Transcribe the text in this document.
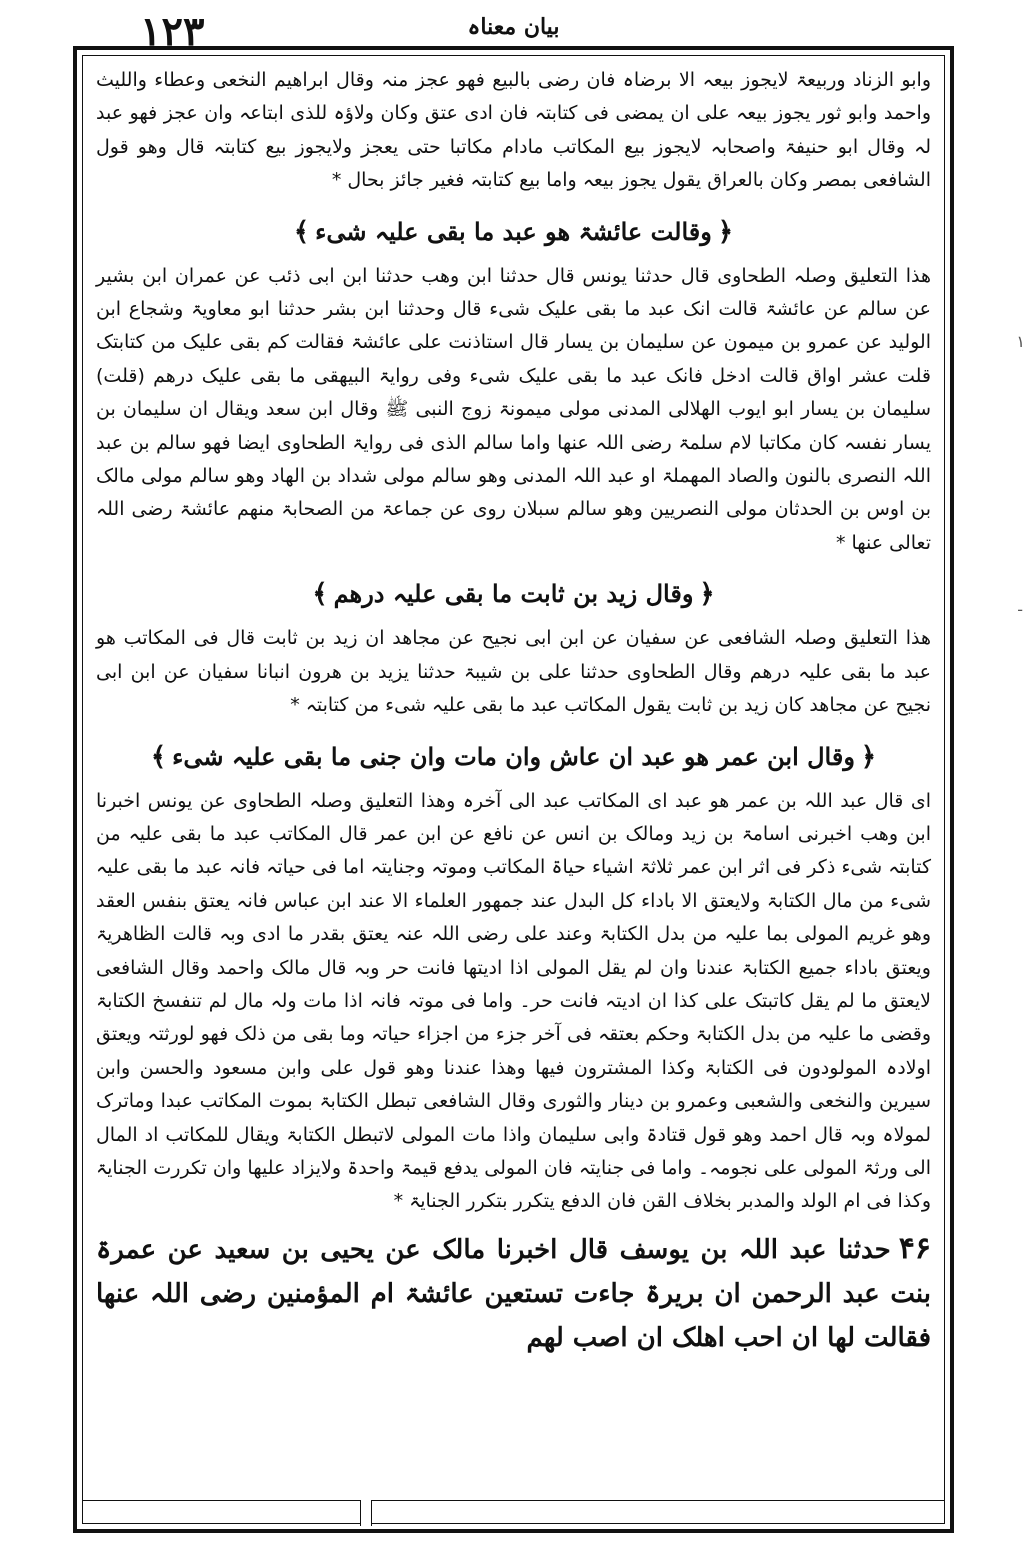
۱۲۳	بیان معناہ

وابو الزناد وربیعۃ لایجوز بیعہ الا برضاہ فان رضی بالبیع فھو عجز منہ وقال ابراھیم النخعی وعطاء واللیث واحمد وابو ثور یجوز بیعہ علی ان یمضی فی کتابتہ فان ادی عتق وکان ولاؤہ للذی ابتاعہ وان عجز فھو عبد لہ وقال ابو حنیفۃ واصحابہ لایجوز بیع المکاتب مادام مکاتبا حتی یعجز ولایجوز بیع کتابتہ قال وھو قول الشافعی بمصر وکان بالعراق یقول یجوز بیعہ واما بیع کتابتہ فغیر جائز بحال*

﴿وقالت عائشۃ ھو عبد ما بقی علیہ شیء﴾

ھذا التعلیق وصلہ الطحاوی قال حدثنا یونس قال حدثنا ابن وھب حدثنا ابن ابی ذئب عن عمران ابن بشیر عن سالم عن عائشۃ قالت انک عبد ما بقی علیک شیء قال وحدثنا ابن بشر حدثنا ابو معاویۃ وشجاع ابن الولید عن عمرو بن میمون عن سلیمان بن یسار قال استاذنت علی عائشۃ فقالت کم بقی علیک من کتابتک قلت عشر اواق قالت ادخل فانک عبد ما بقی علیک شیء وفی روایۃ البیھقی ما بقی علیک درھم (قلت) سلیمان بن یسار ابو ایوب الھلالی المدنی مولی میمونۃ زوج النبی ﷺ وقال ابن سعد ویقال ان سلیمان بن یسار نفسہ کان مکاتبا لام سلمۃ رضی اللہ عنھا واما سالم الذی فی روایۃ الطحاوی ایضا فھو سالم بن عبد اللہ النصری بالنون والصاد المھملۃ او عبد اللہ المدنی وھو سالم مولی شداد بن الھاد وھو سالم مولی مالک بن اوس بن الحدثان مولی النصریین وھو سالم سبلان روی عن جماعۃ من الصحابۃ منھم عائشۃ رضی اللہ تعالی عنھا*

﴿وقال زید بن ثابت ما بقی علیہ درھم﴾

ھذا التعلیق وصلہ الشافعی عن سفیان عن ابن ابی نجیح عن مجاھد ان زید بن ثابت قال فی المکاتب ھو عبد ما بقی علیہ درھم وقال الطحاوی حدثنا علی بن شیبۃ حدثنا یزید بن ھرون انبانا سفیان عن ابن ابی نجیح عن مجاھد کان زید بن ثابت یقول المکاتب عبد ما بقی علیہ شیء من کتابتہ*

﴿وقال ابن عمر ھو عبد ان عاش وان مات وان جنی ما بقی علیہ شیء﴾

ای قال عبد اللہ بن عمر ھو عبد ای المکاتب عبد الی آخرہ وھذا التعلیق وصلہ الطحاوی عن یونس اخبرنا ابن وھب اخبرنی اسامۃ بن زید ومالک بن انس عن نافع عن ابن عمر قال المکاتب عبد ما بقی علیہ من کتابتہ شیء ذکر فی اثر ابن عمر ثلاثۃ اشیاء حیاۃ المکاتب وموتہ وجنایتہ اما فی حیاتہ فانہ عبد ما بقی علیہ شیء من مال الکتابۃ ولایعتق الا باداء کل البدل عند جمھور العلماء الا عند ابن عباس فانہ یعتق بنفس العقد وھو غریم المولی بما علیہ من بدل الکتابۃ وعند علی رضی اللہ عنہ یعتق بقدر ما ادی وبہ قالت الظاھریۃ ویعتق باداء جمیع الکتابۃ عندنا وان لم یقل المولی اذا ادیتھا فانت حر وبہ قال مالک واحمد وقال الشافعی لایعتق ما لم یقل کاتبتک علی کذا ان ادیتہ فانت حر۔ واما فی موتہ فانہ اذا مات ولہ مال لم تنفسخ الکتابۃ وقضی ما علیہ من بدل الکتابۃ وحکم بعتقہ فی آخر جزء من اجزاء حیاتہ وما بقی من ذلک فھو لورثتہ ویعتق اولادہ المولودون فی الکتابۃ وکذا المشترون فیھا وھذا عندنا وھو قول علی وابن مسعود والحسن وابن سیرین والنخعی والشعبی وعمرو بن دینار والثوری وقال الشافعی تبطل الکتابۃ بموت المکاتب عبدا وماترک لمولاہ وبہ قال احمد وھو قول قتادۃ وابی سلیمان واذا مات المولی لاتبطل الکتابۃ ویقال للمکاتب اد المال الی ورثۃ المولی علی نجومہ۔ واما فی جنایتہ فان المولی یدفع قیمۃ واحدۃ ولایزاد علیھا وان تکررت الجنایۃ وکذا فی ام الولد والمدبر بخلاف القن فان الدفع یتکرر بتکرر الجنایۃ*

۴۶حدثنا عبد اللہ بن یوسف قال اخبرنا مالک عن یحیی بن سعید عن عمرۃ بنت عبد الرحمن ان بریرۃ جاءت تستعین عائشۃ ام المؤمنین رضی اللہ عنھا فقالت لھا ان احب اھلک ان اصب لھم

۱
-
